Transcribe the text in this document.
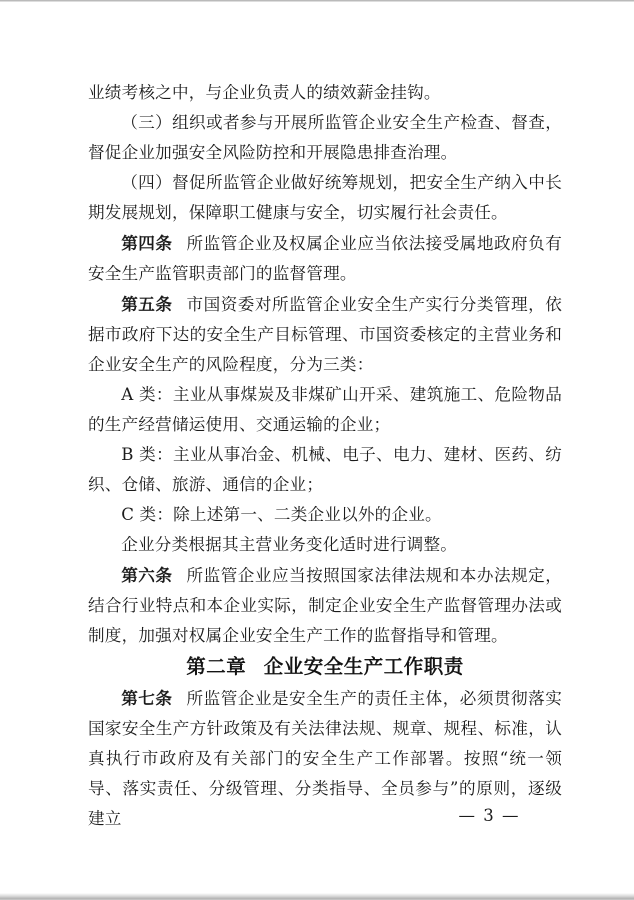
业绩考核之中，与企业负责人的绩效薪金挂钩。

（三）组织或者参与开展所监管企业安全生产检查、督查，督促企业加强安全风险防控和开展隐患排查治理。

（四）督促所监管企业做好统筹规划，把安全生产纳入中长期发展规划，保障职工健康与安全，切实履行社会责任。

第四条 所监管企业及权属企业应当依法接受属地政府负有安全生产监管职责部门的监督管理。

第五条 市国资委对所监管企业安全生产实行分类管理，依据市政府下达的安全生产目标管理、市国资委核定的主营业务和企业安全生产的风险程度，分为三类：

A 类：主业从事煤炭及非煤矿山开采、建筑施工、危险物品的生产经营储运使用、交通运输的企业；

B 类：主业从事冶金、机械、电子、电力、建材、医药、纺织、仓储、旅游、通信的企业；

C 类：除上述第一、二类企业以外的企业。

企业分类根据其主营业务变化适时进行调整。

第六条 所监管企业应当按照国家法律法规和本办法规定，结合行业特点和本企业实际，制定企业安全生产监督管理办法或制度，加强对权属企业安全生产工作的监督指导和管理。

第二章 企业安全生产工作职责

第七条 所监管企业是安全生产的责任主体，必须贯彻落实国家安全生产方针政策及有关法律法规、规章、规程、标准，认真执行市政府及有关部门的安全生产工作部署。按照“统一领导、落实责任、分级管理、分类指导、全员参与”的原则，逐级建立	— 3 —
